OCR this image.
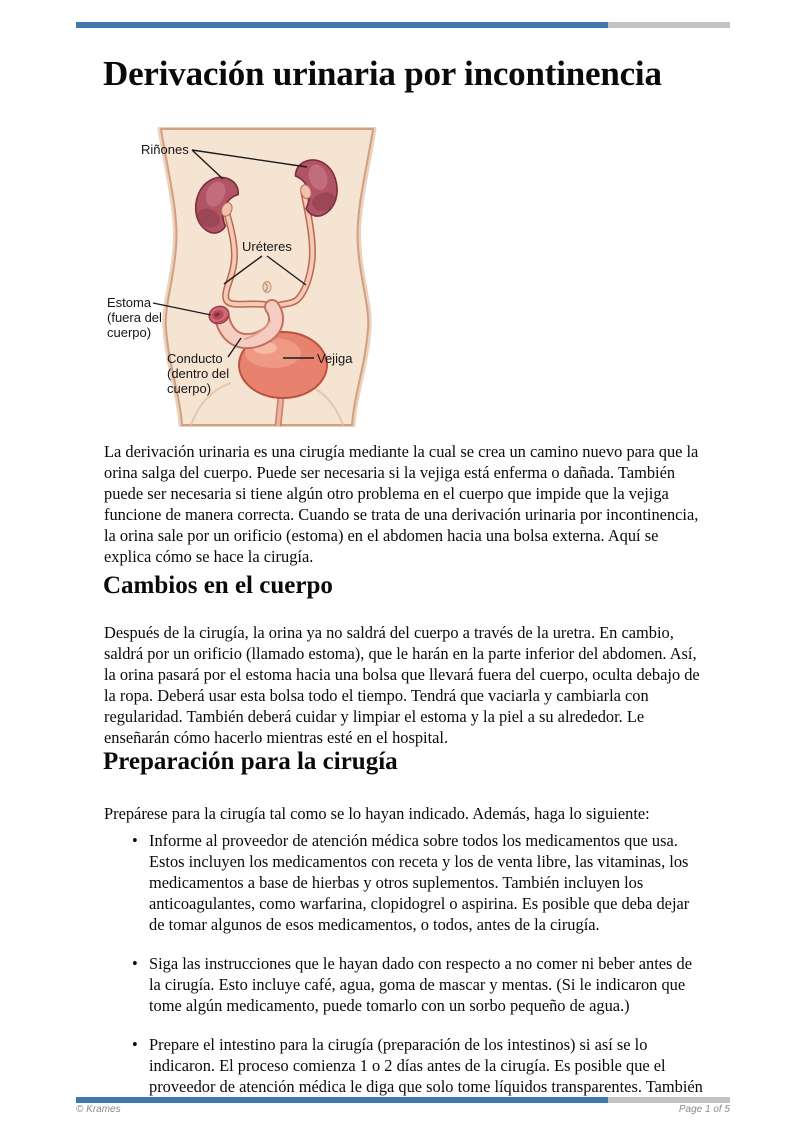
Derivación urinaria por incontinencia
Riñones
Uréteres
Estoma
(fuera del
cuerpo)
Conducto
(dentro del
cuerpo)
Vejiga

La derivación urinaria es una cirugía mediante la cual se crea un camino nuevo para que la orina salga del cuerpo. Puede ser necesaria si la vejiga está enferma o dañada. También puede ser necesaria si tiene algún otro problema en el cuerpo que impide que la vejiga funcione de manera correcta. Cuando se trata de una derivación urinaria por incontinencia, la orina sale por un orificio (estoma) en el abdomen hacia una bolsa externa. Aquí se explica cómo se hace la cirugía.

Cambios en el cuerpo

Después de la cirugía, la orina ya no saldrá del cuerpo a través de la uretra. En cambio, saldrá por un orificio (llamado estoma), que le harán en la parte inferior del abdomen. Así, la orina pasará por el estoma hacia una bolsa que llevará fuera del cuerpo, oculta debajo de la ropa. Deberá usar esta bolsa todo el tiempo. Tendrá que vaciarla y cambiarla con regularidad. También deberá cuidar y limpiar el estoma y la piel a su alrededor. Le enseñarán cómo hacerlo mientras esté en el hospital.

Preparación para la cirugía

Prepárese para la cirugía tal como se lo hayan indicado. Además, haga lo siguiente:

• Informe al proveedor de atención médica sobre todos los medicamentos que usa. Estos incluyen los medicamentos con receta y los de venta libre, las vitaminas, los medicamentos a base de hierbas y otros suplementos. También incluyen los anticoagulantes, como warfarina, clopidogrel o aspirina. Es posible que deba dejar de tomar algunos de esos medicamentos, o todos, antes de la cirugía.
• Siga las instrucciones que le hayan dado con respecto a no comer ni beber antes de la cirugía. Esto incluye café, agua, goma de mascar y mentas. (Si le indicaron que tome algún medicamento, puede tomarlo con un sorbo pequeño de agua.)
• Prepare el intestino para la cirugía (preparación de los intestinos) si así se lo indicaron. El proceso comienza 1 o 2 días antes de la cirugía. Es posible que el proveedor de atención médica le diga que solo tome líquidos transparentes. También
© Krames	Page 1 of 5
